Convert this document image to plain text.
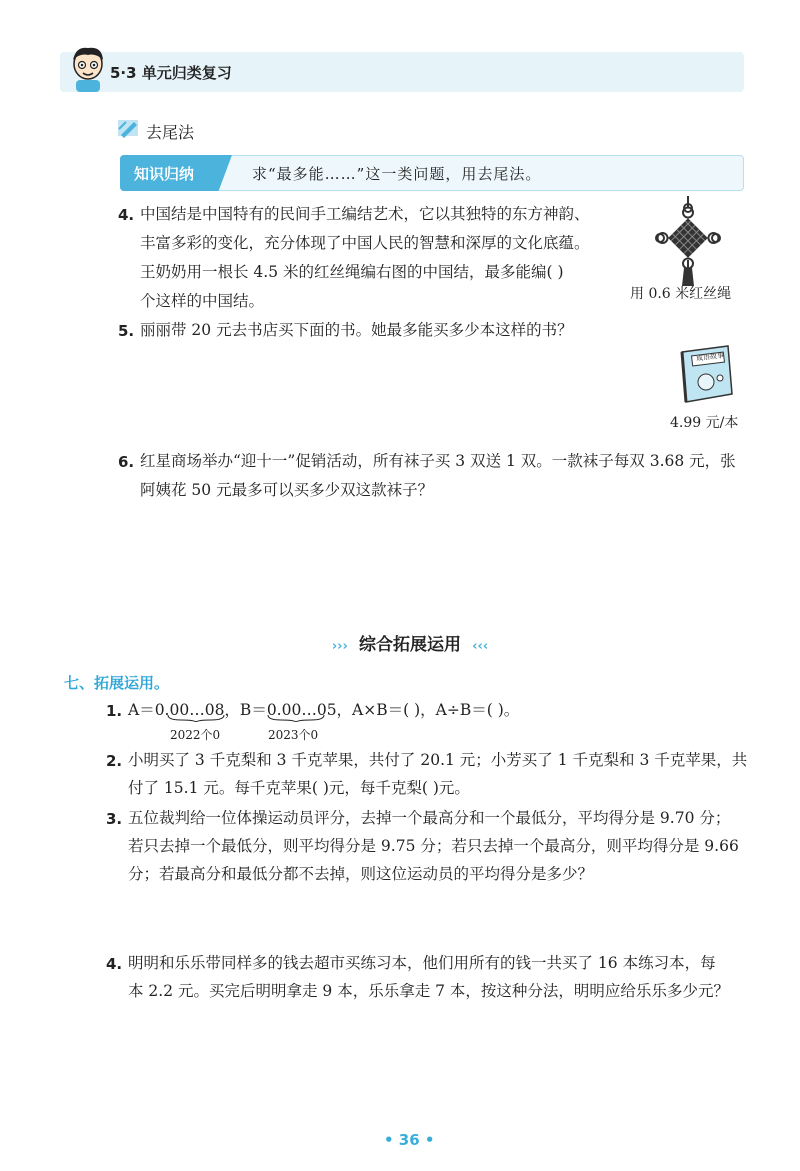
5·3 单元归类复习
去尾法
知识归纳	求“最多能……”这一类问题，用去尾法。
4. 中国结是中国特有的民间手工编结艺术，它以其独特的东方神韵、
丰富多彩的变化，充分体现了中国人民的智慧和深厚的文化底蕴。
王奶奶用一根长 4.5 米的红丝绳编右图的中国结，最多能编( )
个这样的中国结。	用 0.6 米红丝绳
5. 丽丽带 20 元去书店买下面的书。她最多能买多少本这样的书？
成语故事
4.99 元/本
6. 红星商场举办“迎十一”促销活动，所有袜子买 3 双送 1 双。一款袜子每双 3.68 元，张
阿姨花 50 元最多可以买多少双这款袜子？
››› 综合拓展运用 ‹‹‹
七、拓展运用。
1. A＝0.00…08，B＝0.00…05，A×B＝( )，A÷B＝( )。
2022个0	2023个0
2. 小明买了 3 千克梨和 3 千克苹果，共付了 20.1 元；小芳买了 1 千克梨和 3 千克苹果，共
付了 15.1 元。每千克苹果( )元，每千克梨( )元。
3. 五位裁判给一位体操运动员评分，去掉一个最高分和一个最低分，平均得分是 9.70 分；
若只去掉一个最低分，则平均得分是 9.75 分；若只去掉一个最高分，则平均得分是 9.66
分；若最高分和最低分都不去掉，则这位运动员的平均得分是多少？
4. 明明和乐乐带同样多的钱去超市买练习本，他们用所有的钱一共买了 16 本练习本，每
本 2.2 元。买完后明明拿走 9 本，乐乐拿走 7 本，按这种分法，明明应给乐乐多少元？
• 36 •
